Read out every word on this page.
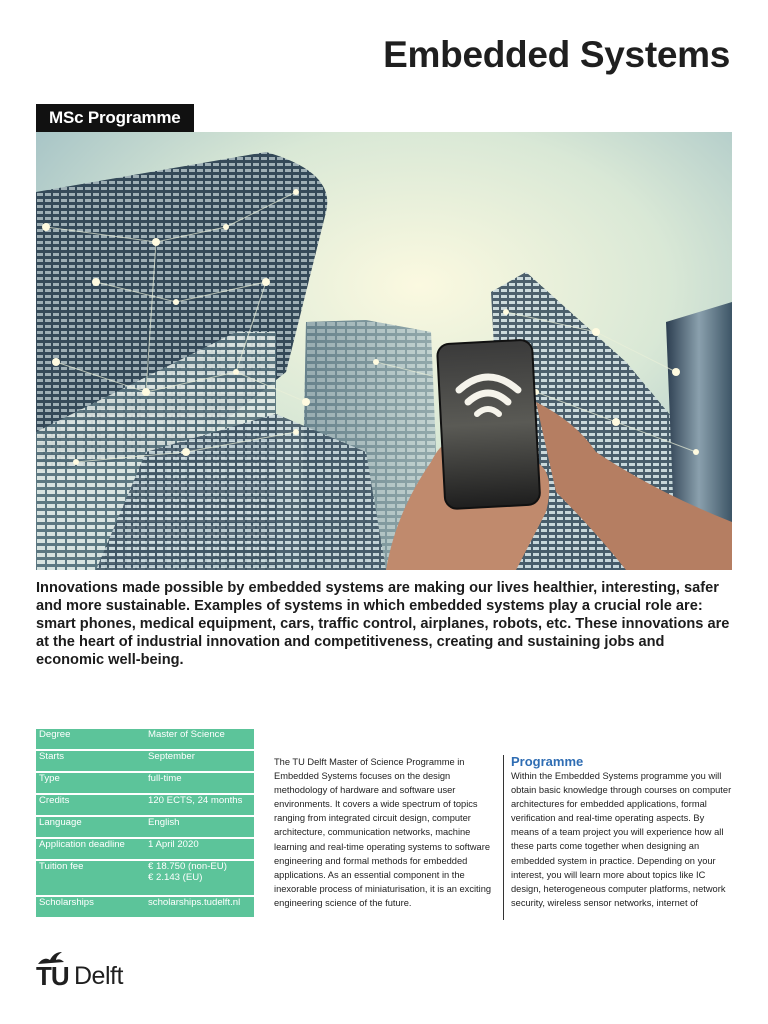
Embedded Systems
MSc Programme

Innovations made possible by embedded systems are making our lives healthier, interesting, safer and more sustainable. Examples of systems in which embedded systems play a crucial role are: smart phones, medical equipment, cars, traffic control, airplanes, robots, etc. These innovations are at the heart of industrial innovation and competitiveness, creating and sustaining jobs and economic well-being.

Degree	Master of Science
Starts	September
Type	full-time
Credits	120 ECTS, 24 months
Language	English
Application deadline	1 April 2020
Tuition fee	€ 18.750 (non-EU)
€ 2.143 (EU)

Scholarships	scholarships.tudelft.nl

The TU Delft Master of Science Programme in Embedded Systems focuses on the design methodology of hardware and software user environments. It covers a wide spectrum of topics ranging from integrated circuit design, computer architecture, communication networks, machine learning and real-time operating systems to software engineering and formal methods for embedded applications. As an essential component in the inexorable process of miniaturisation, it is an exciting engineering science of the future.

Programme

Within the Embedded Systems programme you will obtain basic knowledge through courses on computer architectures for embedded applications, formal verification and real-time operating aspects. By means of a team project you will experience how all these parts come together when designing an embedded system in practice. Depending on your interest, you will learn more about topics like IC design, heterogeneous computer platforms, network security, wireless sensor networks, internet of

TU Delft
